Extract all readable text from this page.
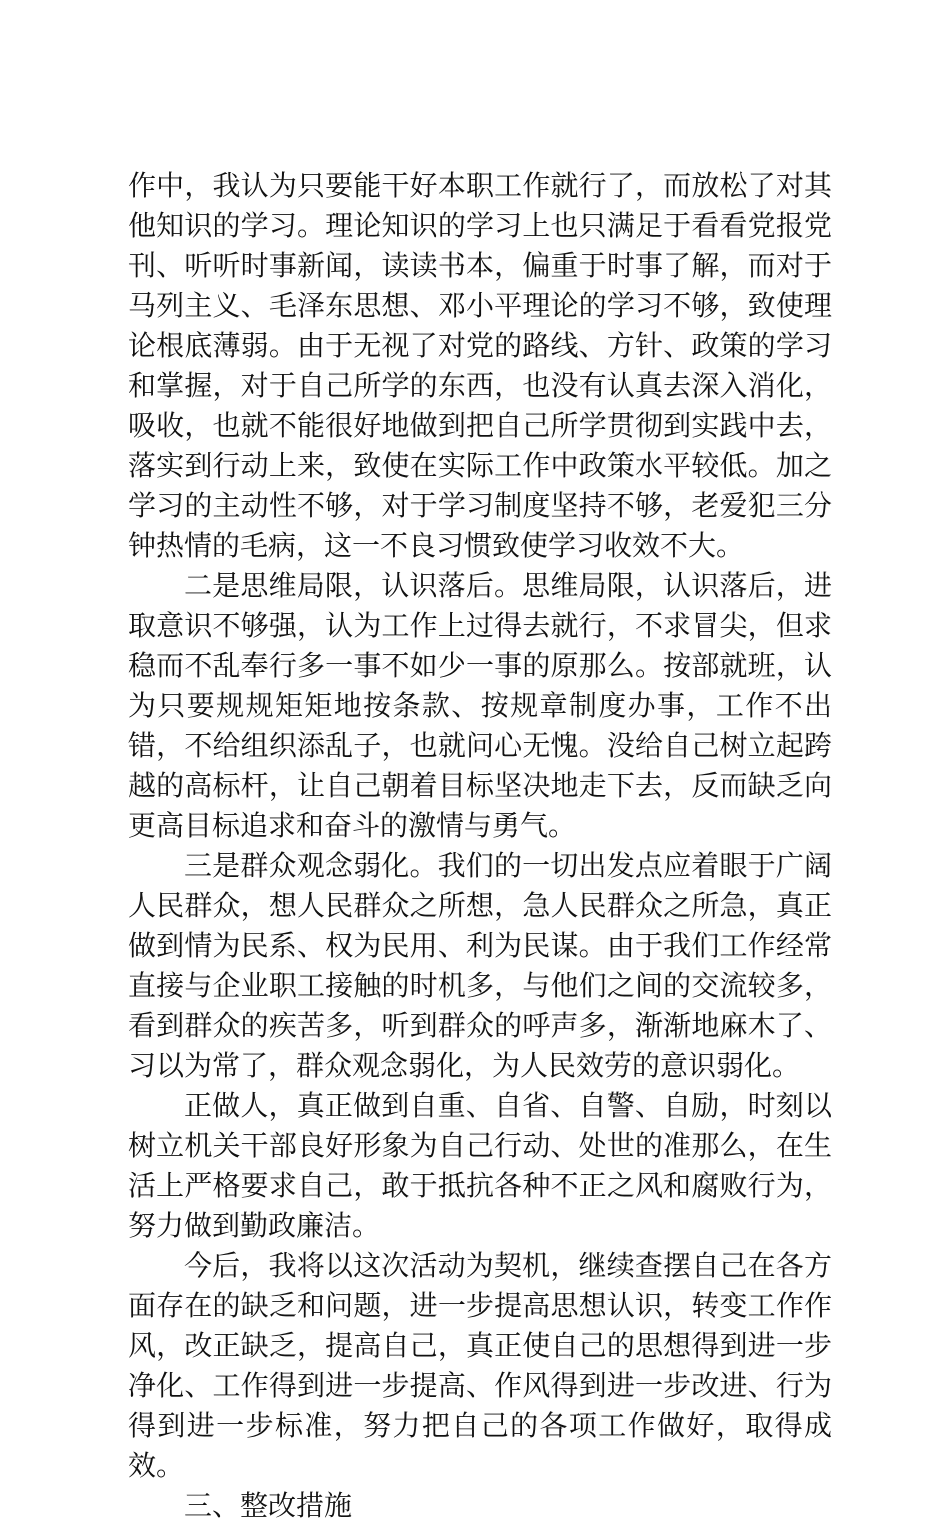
作中，我认为只要能干好本职工作就行了，而放松了对其他知识的学习。理论知识的学习上也只满足于看看党报党刊、听听时事新闻，读读书本，偏重于时事了解，而对于马列主义、毛泽东思想、邓小平理论的学习不够，致使理论根底薄弱。由于无视了对党的路线、方针、政策的学习和掌握，对于自己所学的东西，也没有认真去深入消化，吸收，也就不能很好地做到把自己所学贯彻到实践中去，落实到行动上来，致使在实际工作中政策水平较低。加之学习的主动性不够，对于学习制度坚持不够，老爱犯三分钟热情的毛病，这一不良习惯致使学习收效不大。

二是思维局限，认识落后。思维局限，认识落后，进取意识不够强，认为工作上过得去就行，不求冒尖，但求稳而不乱奉行多一事不如少一事的原那么。按部就班，认为只要规规矩矩地按条款、按规章制度办事，工作不出错，不给组织添乱子，也就问心无愧。没给自己树立起跨越的高标杆，让自己朝着目标坚决地走下去，反而缺乏向更高目标追求和奋斗的激情与勇气。

三是群众观念弱化。我们的一切出发点应着眼于广阔人民群众，想人民群众之所想，急人民群众之所急，真正做到情为民系、权为民用、利为民谋。由于我们工作经常直接与企业职工接触的时机多，与他们之间的交流较多，看到群众的疾苦多，听到群众的呼声多，渐渐地麻木了、习以为常了，群众观念弱化，为人民效劳的意识弱化。

正做人，真正做到自重、自省、自警、自励，时刻以树立机关干部良好形象为自己行动、处世的准那么，在生活上严格要求自己，敢于抵抗各种不正之风和腐败行为，努力做到勤政廉洁。

今后，我将以这次活动为契机，继续查摆自己在各方面存在的缺乏和问题，进一步提高思想认识，转变工作作风，改正缺乏，提高自己，真正使自己的思想得到进一步净化、工作得到进一步提高、作风得到进一步改进、行为得到进一步标准，努力把自己的各项工作做好，取得成效。

三、整改措施
